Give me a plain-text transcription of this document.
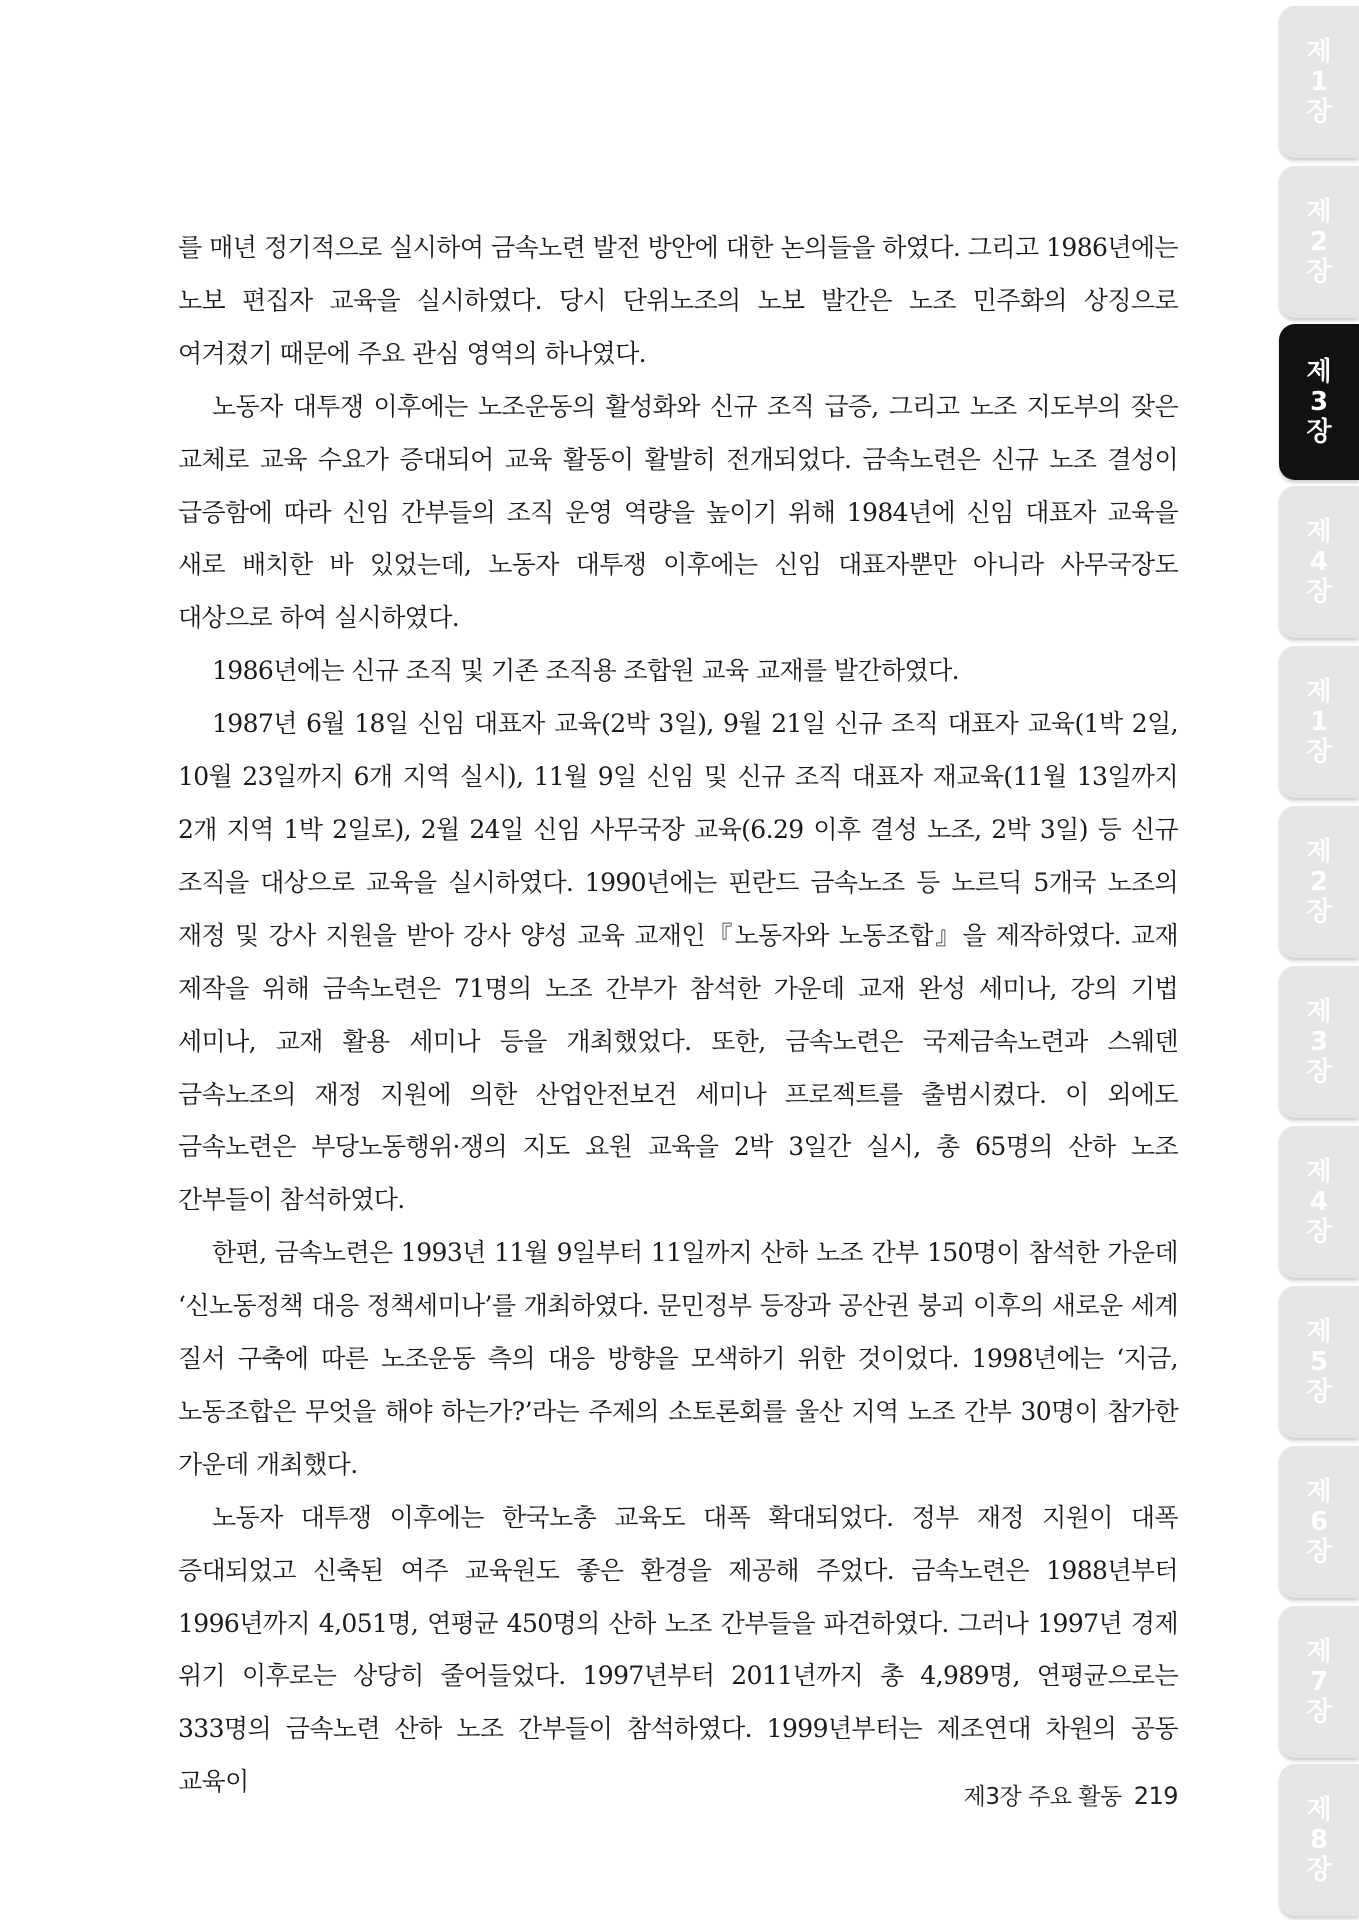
를 매년 정기적으로 실시하여 금속노련 발전 방안에 대한 논의들을 하였다. 그리고 1986년에는 노보 편집자 교육을 실시하였다. 당시 단위노조의 노보 발간은 노조 민주화의 상징으로 여겨졌기 때문에 주요 관심 영역의 하나였다.

노동자 대투쟁 이후에는 노조운동의 활성화와 신규 조직 급증, 그리고 노조 지도부의 잦은 교체로 교육 수요가 증대되어 교육 활동이 활발히 전개되었다. 금속노련은 신규 노조 결성이 급증함에 따라 신임 간부들의 조직 운영 역량을 높이기 위해 1984년에 신임 대표자 교육을 새로 배치한 바 있었는데, 노동자 대투쟁 이후에는 신임 대표자뿐만 아니라 사무국장도 대상으로 하여 실시하였다.

1986년에는 신규 조직 및 기존 조직용 조합원 교육 교재를 발간하였다.

1987년 6월 18일 신임 대표자 교육(2박 3일), 9월 21일 신규 조직 대표자 교육(1박 2일, 10월 23일까지 6개 지역 실시), 11월 9일 신임 및 신규 조직 대표자 재교육(11월 13일까지 2개 지역 1박 2일로), 2월 24일 신임 사무국장 교육(6.29 이후 결성 노조, 2박 3일) 등 신규 조직을 대상으로 교육을 실시하였다. 1990년에는 핀란드 금속노조 등 노르딕 5개국 노조의 재정 및 강사 지원을 받아 강사 양성 교육 교재인『노동자와 노동조합』을 제작하였다. 교재 제작을 위해 금속노련은 71명의 노조 간부가 참석한 가운데 교재 완성 세미나, 강의 기법 세미나, 교재 활용 세미나 등을 개최했었다. 또한, 금속노련은 국제금속노련과 스웨덴 금속노조의 재정 지원에 의한 산업안전보건 세미나 프로젝트를 출범시켰다. 이 외에도 금속노련은 부당노동행위·쟁의 지도 요원 교육을 2박 3일간 실시, 총 65명의 산하 노조 간부들이 참석하였다.

한편, 금속노련은 1993년 11월 9일부터 11일까지 산하 노조 간부 150명이 참석한 가운데 ‘신노동정책 대응 정책세미나’를 개최하였다. 문민정부 등장과 공산권 붕괴 이후의 새로운 세계 질서 구축에 따른 노조운동 측의 대응 방향을 모색하기 위한 것이었다. 1998년에는 ‘지금, 노동조합은 무엇을 해야 하는가?’라는 주제의 소토론회를 울산 지역 노조 간부 30명이 참가한 가운데 개최했다.

노동자 대투쟁 이후에는 한국노총 교육도 대폭 확대되었다. 정부 재정 지원이 대폭 증대되었고 신축된 여주 교육원도 좋은 환경을 제공해 주었다. 금속노련은 1988년부터 1996년까지 4,051명, 연평균 450명의 산하 노조 간부들을 파견하였다. 그러나 1997년 경제 위기 이후로는 상당히 줄어들었다. 1997년부터 2011년까지 총 4,989명, 연평균으로는 333명의 금속노련 산하 노조 간부들이 참석하였다. 1999년부터는 제조연대 차원의 공동 교육이

제3장 주요 활동 219
제
1
장
제
2
장
제
3
장
제
4
장
제
1
장
제
2
장
제
3
장
제
4
장
제
5
장
제
6
장
제
7
장
제
8
장
